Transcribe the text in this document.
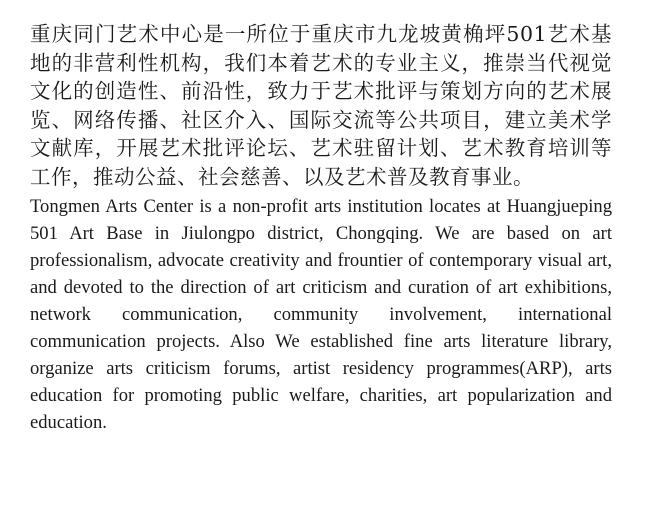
重庆同门艺术中心是一所位于重庆市九龙坡黄桷坪501艺术基地的非营利性机构，我们本着艺术的专业主义，推崇当代视觉文化的创造性、前沿性，致力于艺术批评与策划方向的艺术展览、网络传播、社区介入、国际交流等公共项目，建立美术学文献库，开展艺术批评论坛、艺术驻留计划、艺术教育培训等工作，推动公益、社会慈善、以及艺术普及教育事业。

Tongmen Arts Center is a non-profit arts institution locates at Huangjueping 501 Art Base in Jiulongpo district, Chongqing. We are based on art professionalism, advocate creativity and frountier of contemporary visual art, and devoted to the direction of art criticism and curation of art exhibitions, network communication, community involvement, international communication projects. Also We established fine arts literature library, organize arts criticism forums, artist residency programmes(ARP), arts education for promoting public welfare, charities, art popularization and education.
